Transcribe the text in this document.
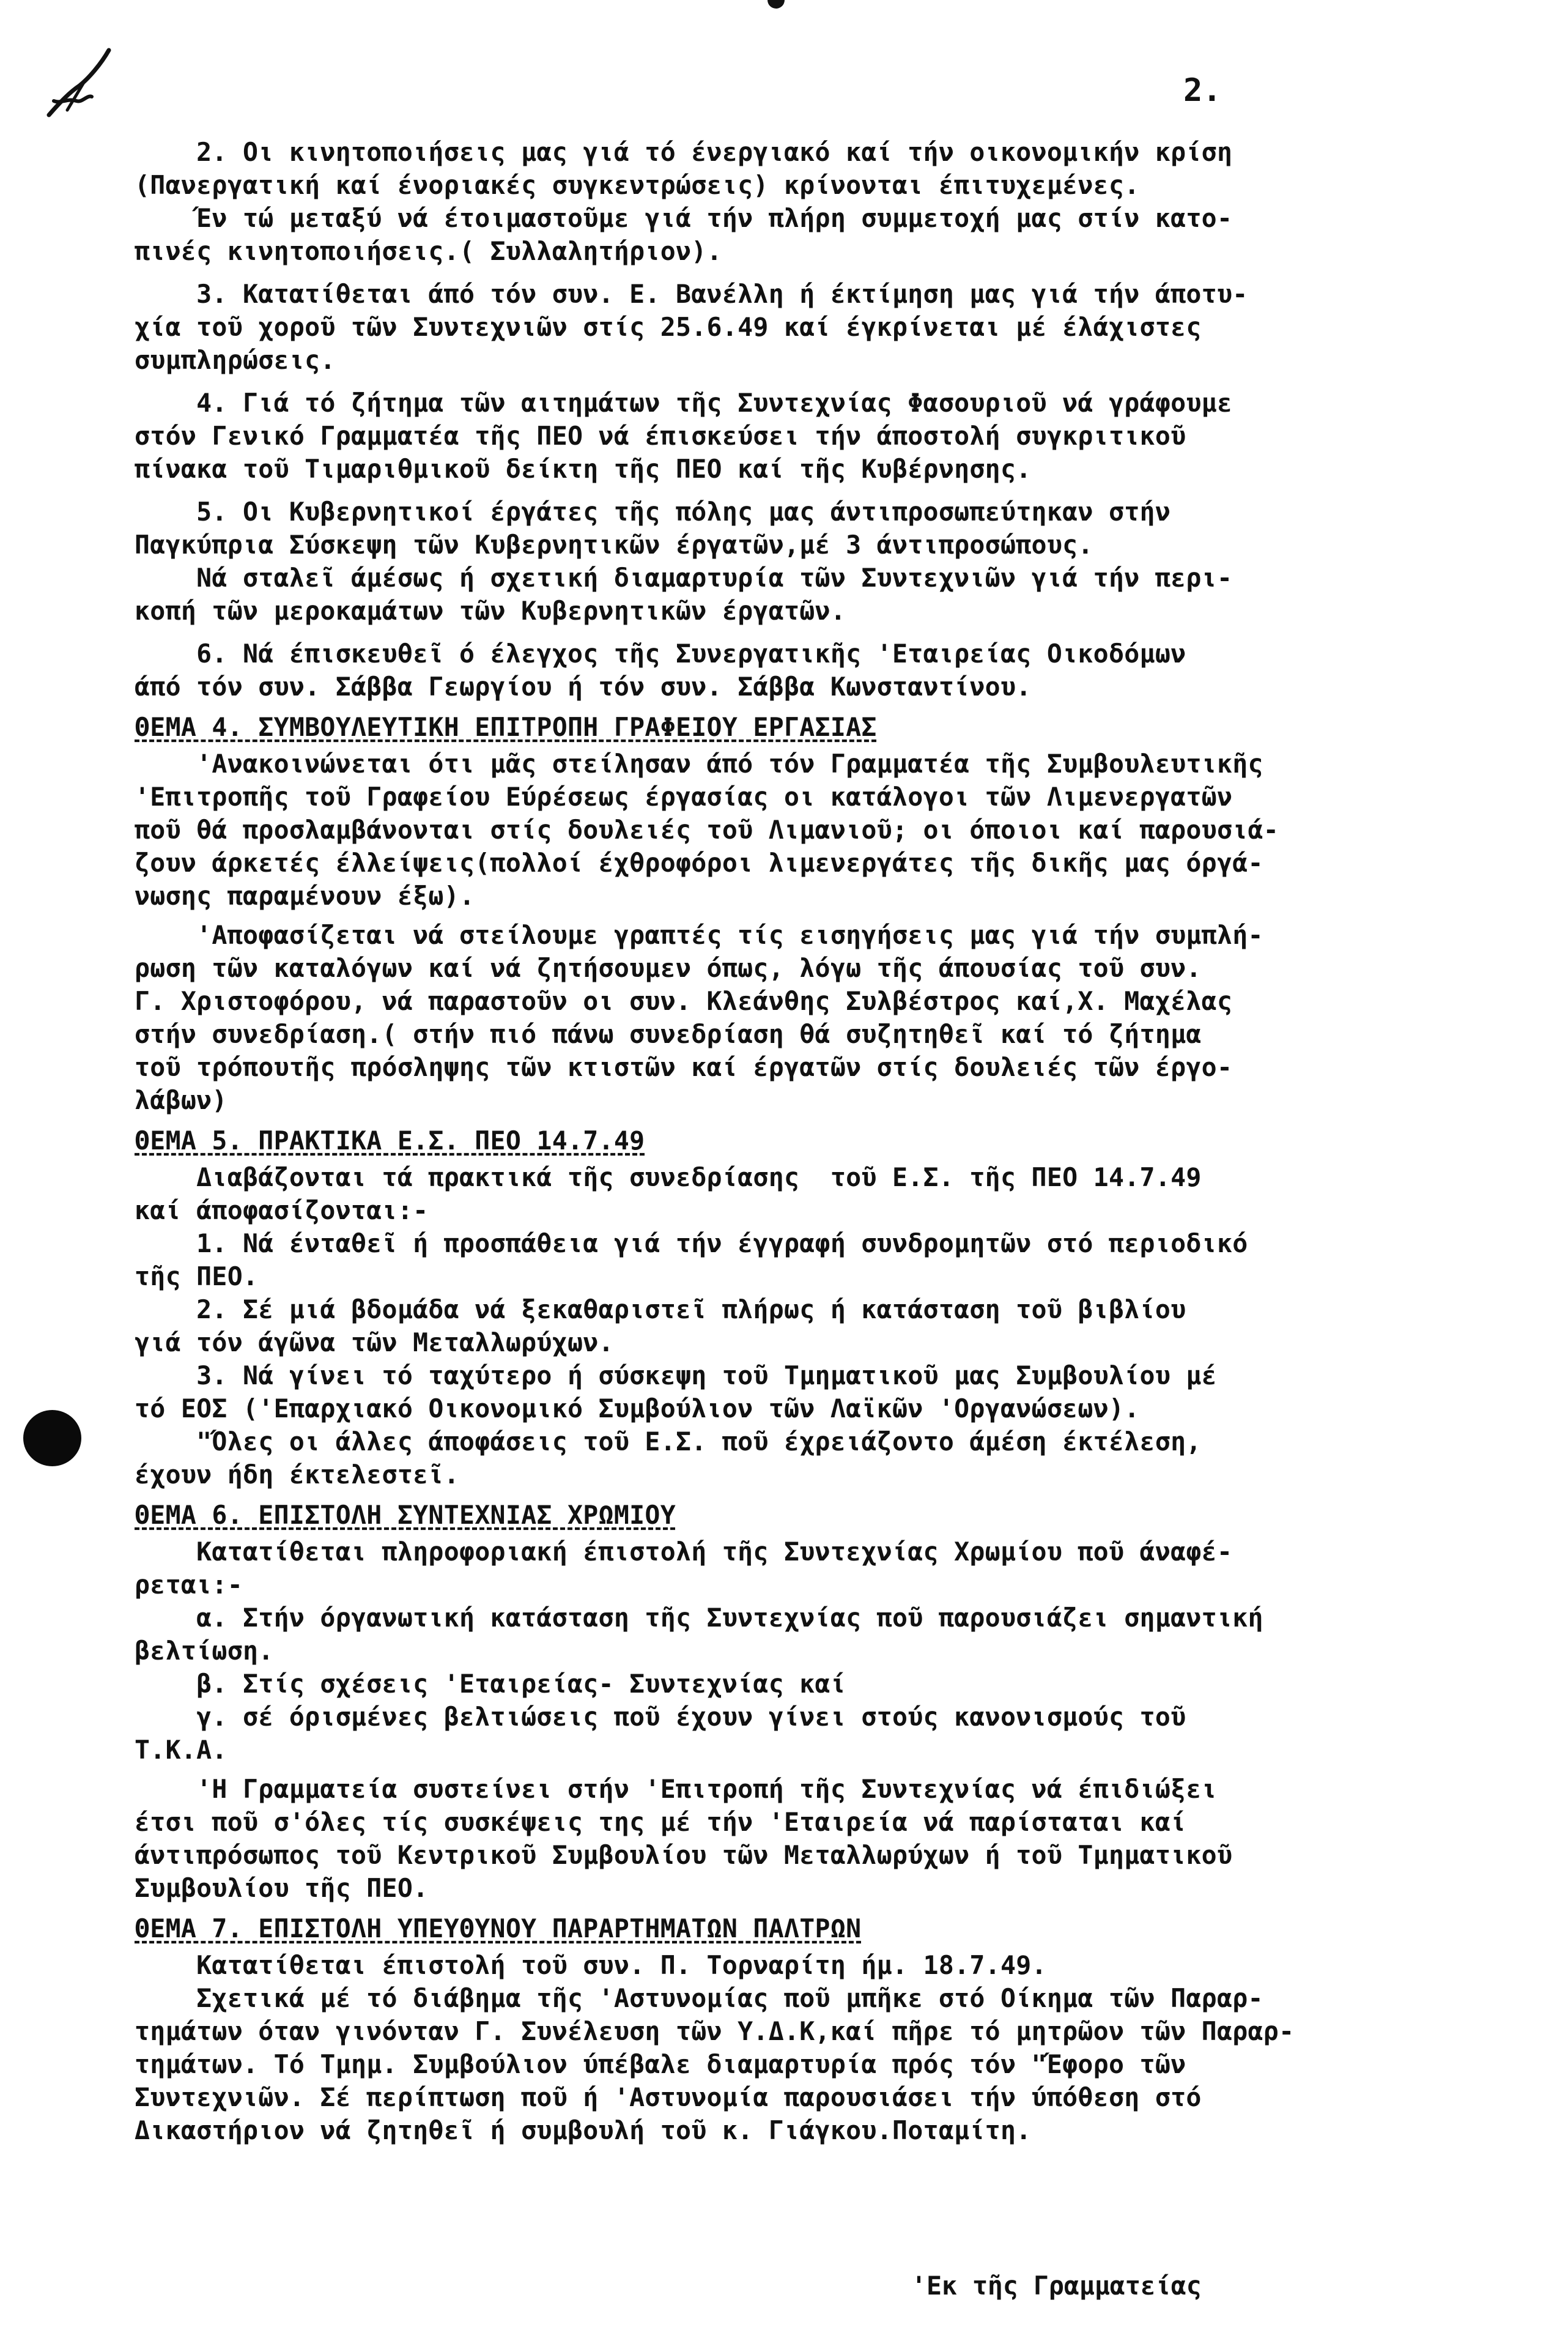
2.

2. Οι κινητοποιήσεις μας γιά τό ένεργιακό καί τήν οικονομικήν κρίση
(Πανεργατική καί ένοριακές συγκεντρώσεις) κρίνονται έπιτυχεμένες.
Έν τώ μεταξύ νά έτοιμαστοῦμε γιά τήν πλήρη συμμετοχή μας στίν κατο-
πινές κινητοποιήσεις.( Συλλαλητήριον).

3. Κατατίθεται άπό τόν συν. Ε. Βανέλλη ή έκτίμηση μας γιά τήν άποτυ-
χία τοῦ χοροῦ τῶν Συντεχνιῶν στίς 25.6.49 καί έγκρίνεται μέ έλάχιστες
συμπληρώσεις.

4. Γιά τό ζήτημα τῶν αιτημάτων τῆς Συντεχνίας Φασουριοῦ νά γράφουμε
στόν Γενικό Γραμματέα τῆς ΠΕΟ νά έπισκεύσει τήν άποστολή συγκριτικοῦ
πίνακα τοῦ Τιμαριθμικοῦ δείκτη τῆς ΠΕΟ καί τῆς Κυβέρνησης.

5. Οι Κυβερνητικοί έργάτες τῆς πόλης μας άντιπροσωπεύτηκαν στήν
Παγκύπρια Σύσκεψη τῶν Κυβερνητικῶν έργατῶν,μέ 3 άντιπροσώπους.
Νά σταλεῖ άμέσως ή σχετική διαμαρτυρία τῶν Συντεχνιῶν γιά τήν περι-
κοπή τῶν μεροκαμάτων τῶν Κυβερνητικῶν έργατῶν.

6. Νά έπισκευθεῖ ό έλεγχος τῆς Συνεργατικῆς 'Εταιρείας Οικοδόμων
άπό τόν συν. Σάββα Γεωργίου ή τόν συν. Σάββα Κωνσταντίνου.

ΘΕΜΑ 4. ΣΥΜΒΟΥΛΕΥΤΙΚΗ ΕΠΙΤΡΟΠΗ ΓΡΑΦΕΙΟΥ ΕΡΓΑΣΙΑΣ

'Ανακοινώνεται ότι μᾶς στείλησαν άπό τόν Γραμματέα τῆς Συμβουλευτικῆς
'Επιτροπῆς τοῦ Γραφείου Εύρέσεως έργασίας οι κατάλογοι τῶν Λιμενεργατῶν
ποῦ θά προσλαμβάνονται στίς δουλειές τοῦ Λιμανιοῦ; οι όποιοι καί παρουσιά-
ζουν άρκετές έλλείψεις(πολλοί έχθροφόροι λιμενεργάτες τῆς δικῆς μας όργά-
νωσης παραμένουν έξω).

'Αποφασίζεται νά στείλουμε γραπτές τίς εισηγήσεις μας γιά τήν συμπλή-
ρωση τῶν καταλόγων καί νά ζητήσουμεν όπως, λόγω τῆς άπουσίας τοῦ συν.
Γ. Χριστοφόρου, νά παραστοῦν οι συν. Κλεάνθης Συλβέστρος καί,Χ. Μαχέλας
στήν συνεδρίαση.( στήν πιό πάνω συνεδρίαση θά συζητηθεῖ καί τό ζήτημα
τοῦ τρόπουτῆς πρόσληψης τῶν κτιστῶν καί έργατῶν στίς δουλειές τῶν έργο-
λάβων)

ΘΕΜΑ 5. ΠΡΑΚΤΙΚΑ Ε.Σ. ΠΕΟ 14.7.49

Διαβάζονται τά πρακτικά τῆς συνεδρίασης  τοῦ Ε.Σ. τῆς ΠΕΟ 14.7.49
καί άποφασίζονται:-
1. Νά ένταθεῖ ή προσπάθεια γιά τήν έγγραφή συνδρομητῶν στό περιοδικό
τῆς ΠΕΟ.
2. Σέ μιά βδομάδα νά ξεκαθαριστεῖ πλήρως ή κατάσταση τοῦ βιβλίου
γιά τόν άγῶνα τῶν Μεταλλωρύχων.
3. Νά γίνει τό ταχύτερο ή σύσκεψη τοῦ Τμηματικοῦ μας Συμβουλίου μέ
τό ΕΟΣ ('Επαρχιακό Οικονομικό Συμβούλιον τῶν Λαϊκῶν 'Οργανώσεων).
"Όλες οι άλλες άποφάσεις τοῦ Ε.Σ. ποῦ έχρειάζοντο άμέση έκτέλεση,
έχουν ήδη έκτελεστεῖ.

ΘΕΜΑ 6. ΕΠΙΣΤΟΛΗ ΣΥΝΤΕΧΝΙΑΣ ΧΡΩΜΙΟΥ

Κατατίθεται πληροφοριακή έπιστολή τῆς Συντεχνίας Χρωμίου ποῦ άναφέ-
ρεται:-
α. Στήν όργανωτική κατάσταση τῆς Συντεχνίας ποῦ παρουσιάζει σημαντική
βελτίωση.
β. Στίς σχέσεις 'Εταιρείας- Συντεχνίας καί
γ. σέ όρισμένες βελτιώσεις ποῦ έχουν γίνει στούς κανονισμούς τοῦ
Τ.Κ.Α.

'Η Γραμματεία συστείνει στήν 'Επιτροπή τῆς Συντεχνίας νά έπιδιώξει
έτσι ποῦ σ'όλες τίς συσκέψεις της μέ τήν 'Εταιρεία νά παρίσταται καί
άντιπρόσωπος τοῦ Κεντρικοῦ Συμβουλίου τῶν Μεταλλωρύχων ή τοῦ Τμηματικοῦ
Συμβουλίου τῆς ΠΕΟ.

ΘΕΜΑ 7. ΕΠΙΣΤΟΛΗ ΥΠΕΥΘΥΝΟΥ ΠΑΡΑΡΤΗΜΑΤΩΝ ΠΑΛΤΡΩΝ

Κατατίθεται έπιστολή τοῦ συν. Π. Τορναρίτη ήμ. 18.7.49.
Σχετικά μέ τό διάβημα τῆς 'Αστυνομίας ποῦ μπῆκε στό Οίκημα τῶν Παραρ-
τημάτων όταν γινόνταν Γ. Συνέλευση τῶν Υ.Δ.Κ,καί πῆρε τό μητρῶον τῶν Παραρ-
τημάτων. Τό Τμημ. Συμβούλιον ύπέβαλε διαμαρτυρία πρός τόν "Έφορο τῶν
Συντεχνιῶν. Σέ περίπτωση ποῦ ή 'Αστυνομία παρουσιάσει τήν ύπόθεση στό
Δικαστήριον νά ζητηθεῖ ή συμβουλή τοῦ κ. Γιάγκου.Ποταμίτη.

'Εκ τῆς Γραμματείας
